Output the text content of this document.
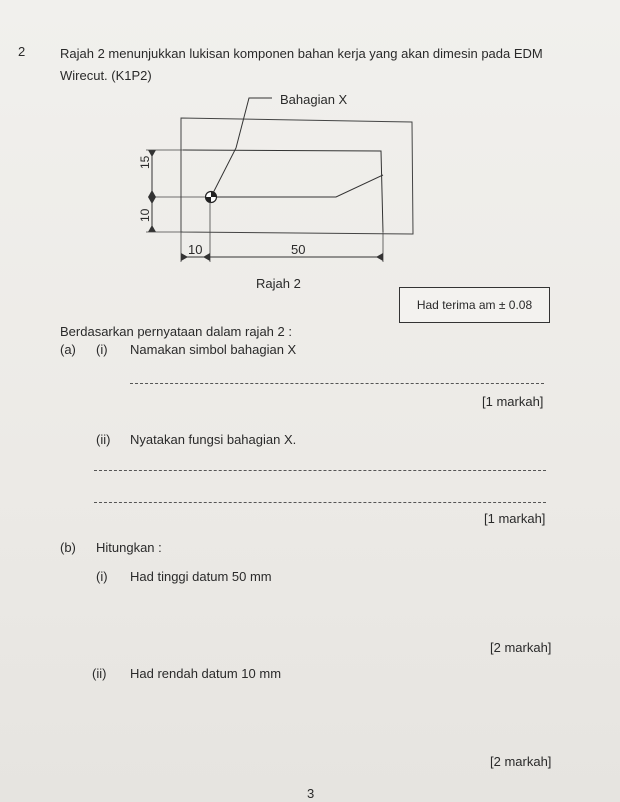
2	Rajah 2 menunjukkan lukisan komponen bahan kerja yang akan dimesin pada EDM
Wirecut. (K1P2)
Bahagian X
15
10
10	50
Rajah 2
Had terima am ± 0.08
Berdasarkan pernyataan dalam rajah 2 :
(a) (i) Namakan simbol bahagian X
[1 markah]
(ii) Nyatakan fungsi bahagian X.
[1 markah]
(b) Hitungkan :
(i) Had tinggi datum 50 mm
[2 markah]
(ii) Had rendah datum 10 mm
[2 markah]
3
